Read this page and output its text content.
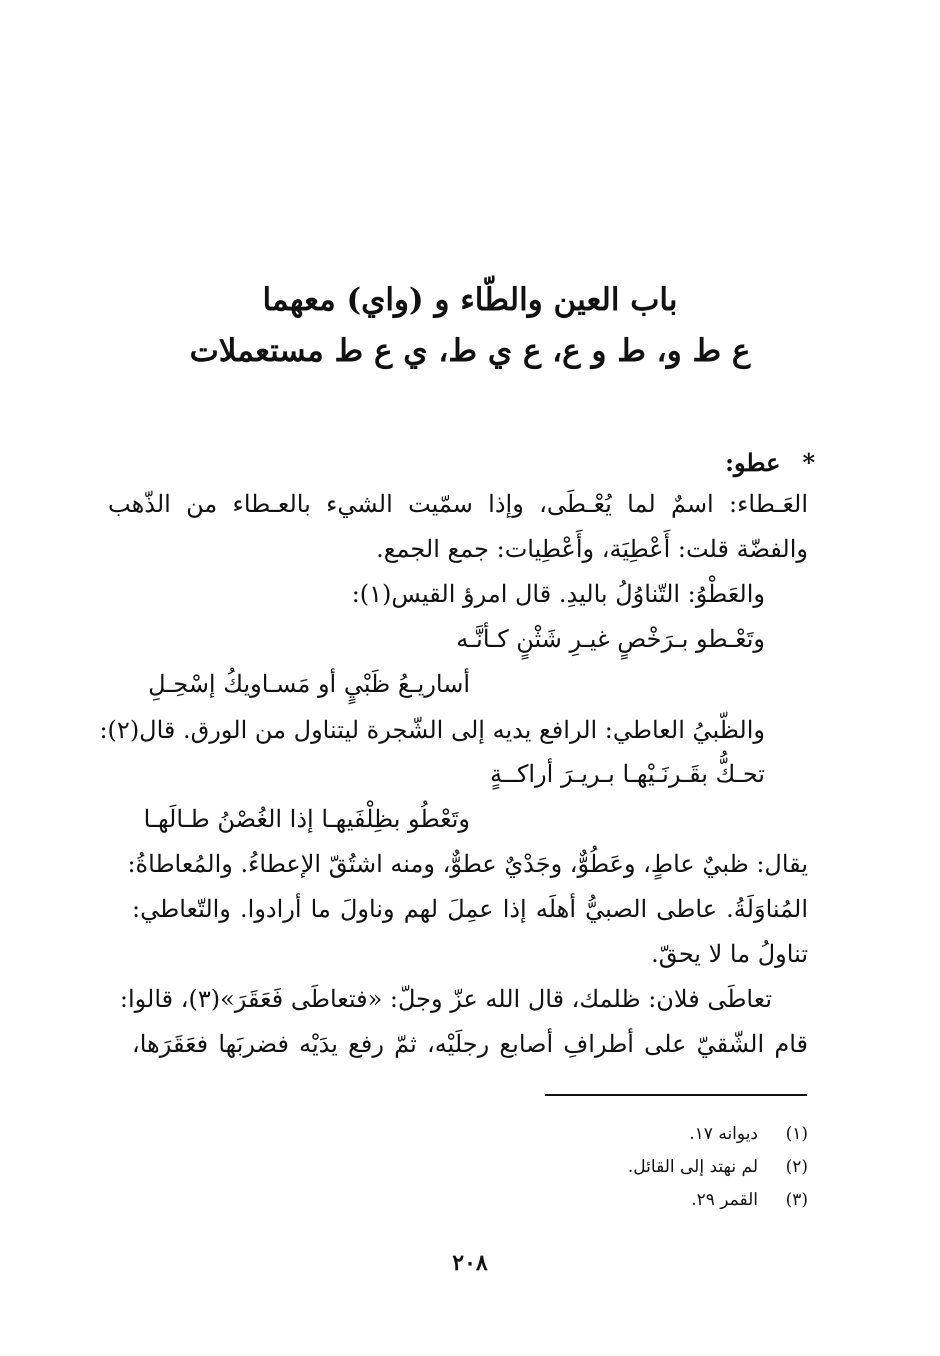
باب العين والطّاء و (واي) معهما
ع ط و، ط و ع، ع ي ط، ي ع ط مستعملات
*عطو:
العَـطاء: اسمٌ لما يُعْـطَى، وإذا سمّيت الشيء بالعـطاء من الذّهب
والفضّة قلت: أَعْطِيَة، وأَعْطِيات: جمع الجمع.
والعَطْوُ: التّناوُلُ باليدِ. قال امرؤ القيس(١):
وتَعْـطو بـرَخْصٍ غيـرِ شَثْنٍ كـأنَّـه
أساريـعُ ظَبْيٍ أو مَسـاويكُ إسْحِـلِ
والظّبيُ العاطي: الرافع يديه إلى الشّجرة ليتناول من الورق. قال(٢):
تحـكُّ بقَـرنَـيْهـا بـريـرَ أراكــةٍ
وتَعْطُو بظِلْفَيهـا إذا الغُصْنُ طـالَهـا
يقال: ظبيٌ عاطٍ، وعَطُوٌّ، وجَدْيٌ عطوٌّ، ومنه اشتُقّ الإعطاءُ. والمُعاطاةُ:
المُناوَلَةُ. عاطى الصبيُّ أهلَه إذا عمِلَ لهم وناولَ ما أرادوا. والتّعاطي:
تناولُ ما لا يحقّ.
تعاطَى فلان: ظلمك، قال الله عزّ وجلّ: «فتعاطَى فَعَقَرَ»(٣)، قالوا:
قام الشّقيّ على أطرافِ أصابع رجلَيْه، ثمّ رفع يدَيْه فضربَها فعَقَرَها،
(١)ديوانه ١٧.
(٢)لم نهتد إلى القائل.
(٣)القمر ٢٩.
٢٠٨
